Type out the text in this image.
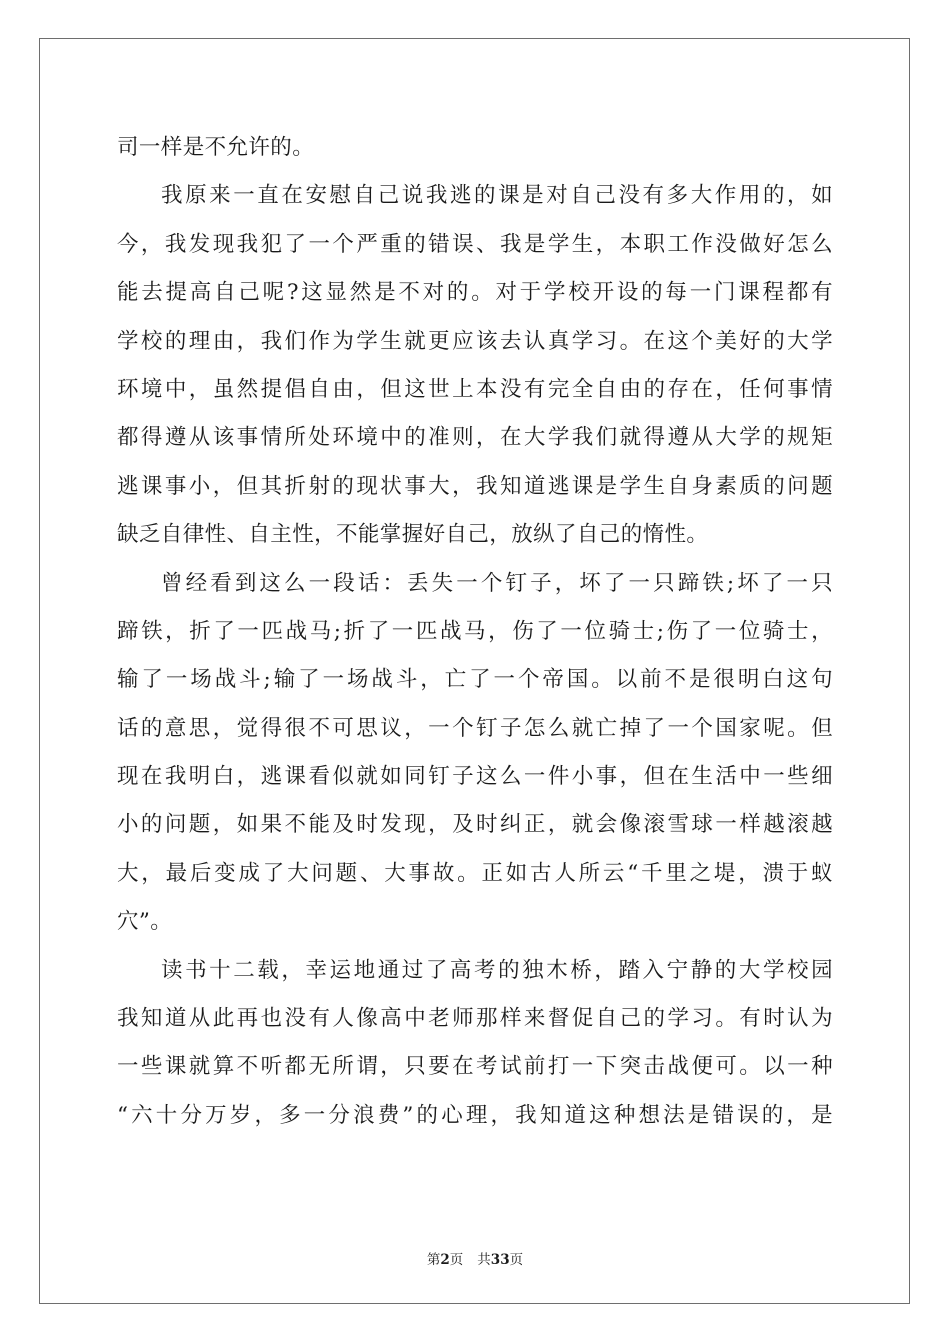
司一样是不允许的。
我原来一直在安慰自己说我逃的课是对自己没有多大作用的，如
今，我发现我犯了一个严重的错误、我是学生，本职工作没做好怎么
能去提高自己呢?这显然是不对的。对于学校开设的每一门课程都有
学校的理由，我们作为学生就更应该去认真学习。在这个美好的大学
环境中，虽然提倡自由，但这世上本没有完全自由的存在，任何事情
都得遵从该事情所处环境中的准则，在大学我们就得遵从大学的规矩
逃课事小，但其折射的现状事大，我知道逃课是学生自身素质的问题
缺乏自律性、自主性，不能掌握好自己，放纵了自己的惰性。
曾经看到这么一段话：丢失一个钉子，坏了一只蹄铁;坏了一只
蹄铁，折了一匹战马;折了一匹战马，伤了一位骑士;伤了一位骑士，
输了一场战斗;输了一场战斗，亡了一个帝国。以前不是很明白这句
话的意思，觉得很不可思议，一个钉子怎么就亡掉了一个国家呢。但
现在我明白，逃课看似就如同钉子这么一件小事，但在生活中一些细
小的问题，如果不能及时发现，及时纠正，就会像滚雪球一样越滚越
大，最后变成了大问题、大事故。正如古人所云“千里之堤，溃于蚁
穴”。
读书十二载，幸运地通过了高考的独木桥，踏入宁静的大学校园
我知道从此再也没有人像高中老师那样来督促自己的学习。有时认为
一些课就算不听都无所谓，只要在考试前打一下突击战便可。以一种
“六十分万岁，多一分浪费”的心理，我知道这种想法是错误的，是
第2页 共33页
